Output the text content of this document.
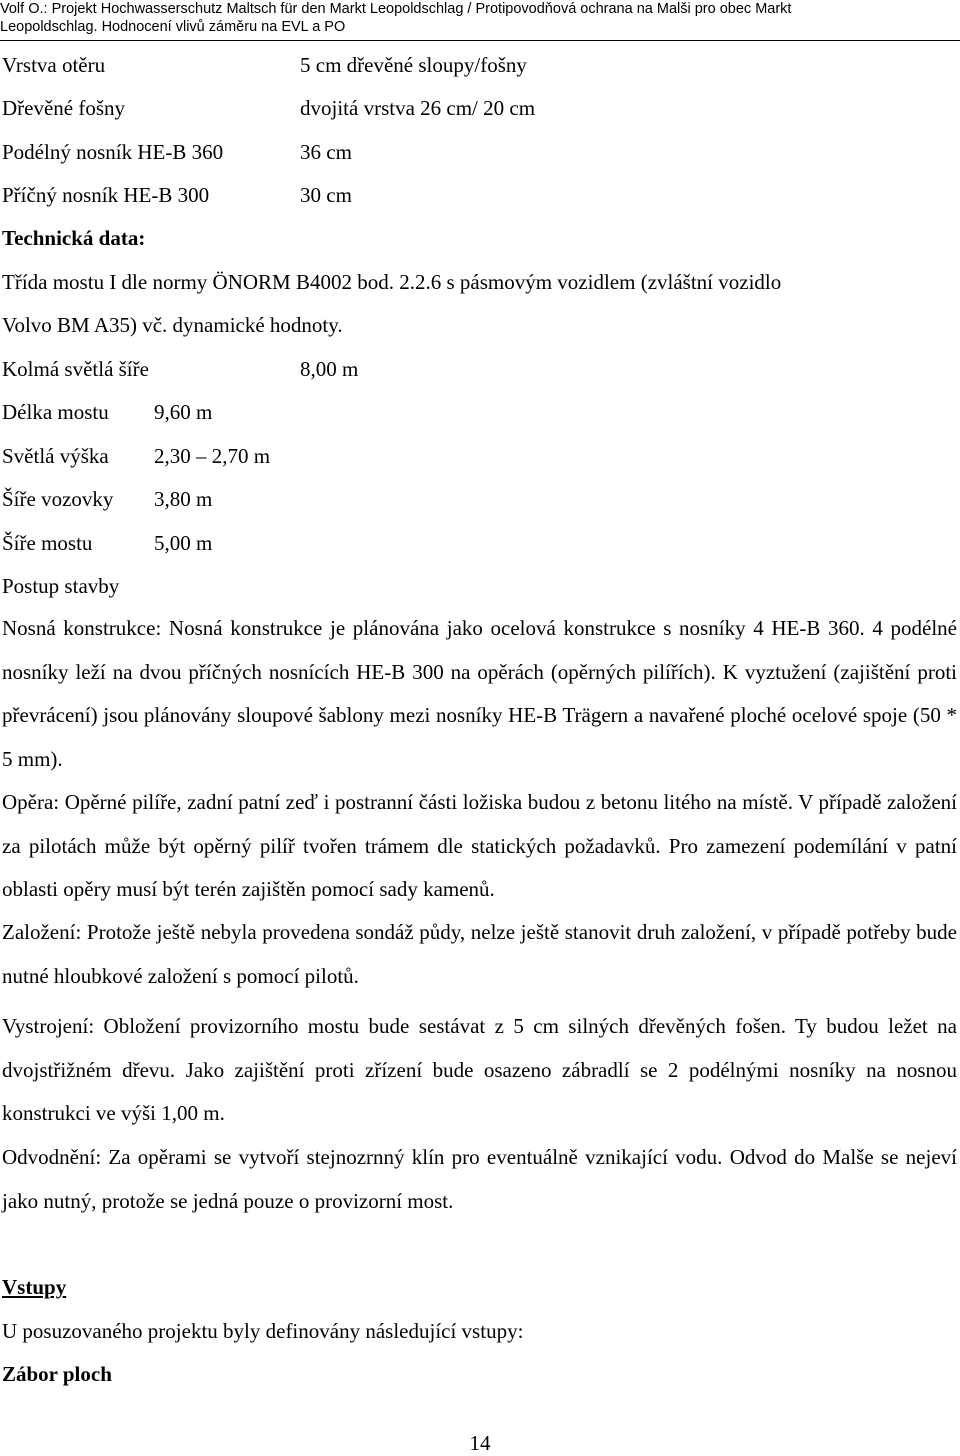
Volf O.: Projekt Hochwasserschutz Maltsch für den Markt Leopoldschlag / Protipovodňová ochrana na Malši pro obec Markt
Leopoldschlag. Hodnocení vlivů záměru na EVL a PO
Vrstva otěru	5 cm dřevěné sloupy/fošny
Dřevěné fošny	dvojitá vrstva 26 cm/ 20 cm
Podélný nosník HE-B 360	36 cm
Příčný nosník HE-B 300	30 cm
Technická data:
Třída mostu I dle normy ÖNORM B4002 bod. 2.2.6 s pásmovým vozidlem (zvláštní vozidlo
Volvo BM A35) vč. dynamické hodnoty.
Kolmá světlá šíře	8,00 m
Délka mostu 9,60 m
Světlá výška 2,30 – 2,70 m
Šíře vozovky 3,80 m
Šíře mostu	5,00 m
Postup stavby
Nosná konstrukce: Nosná konstrukce je plánována jako ocelová konstrukce s nosníky 4 HE-B 360. 4 podélné nosníky leží na dvou příčných nosnících HE-B 300 na opěrách (opěrných pilířích). K vyztužení (zajištění proti převrácení) jsou plánovány sloupové šablony mezi nosníky HE-B Trägern a navařené ploché ocelové spoje (50 * 5 mm).
Opěra: Opěrné pilíře, zadní patní zeď i postranní části ložiska budou z betonu litého na místě. V případě založení za pilotách může být opěrný pilíř tvořen trámem dle statických požadavků. Pro zamezení podemílání v patní oblasti opěry musí být terén zajištěn pomocí sady kamenů.
Založení: Protože ještě nebyla provedena sondáž půdy, nelze ještě stanovit druh založení, v případě potřeby bude nutné hloubkové založení s pomocí pilotů.
Vystrojení: Obložení provizorního mostu bude sestávat z 5 cm silných dřevěných fošen. Ty budou ležet na dvojstřižném dřevu. Jako zajištění proti zřízení bude osazeno zábradlí se 2 podélnými nosníky na nosnou konstrukci ve výši 1,00 m.
Odvodnění: Za opěrami se vytvoří stejnozrnný klín pro eventuálně vznikající vodu. Odvod do Malše se nejeví jako nutný, protože se jedná pouze o provizorní most.
Vstupy
U posuzovaného projektu byly definovány následující vstupy:
Zábor ploch
14
